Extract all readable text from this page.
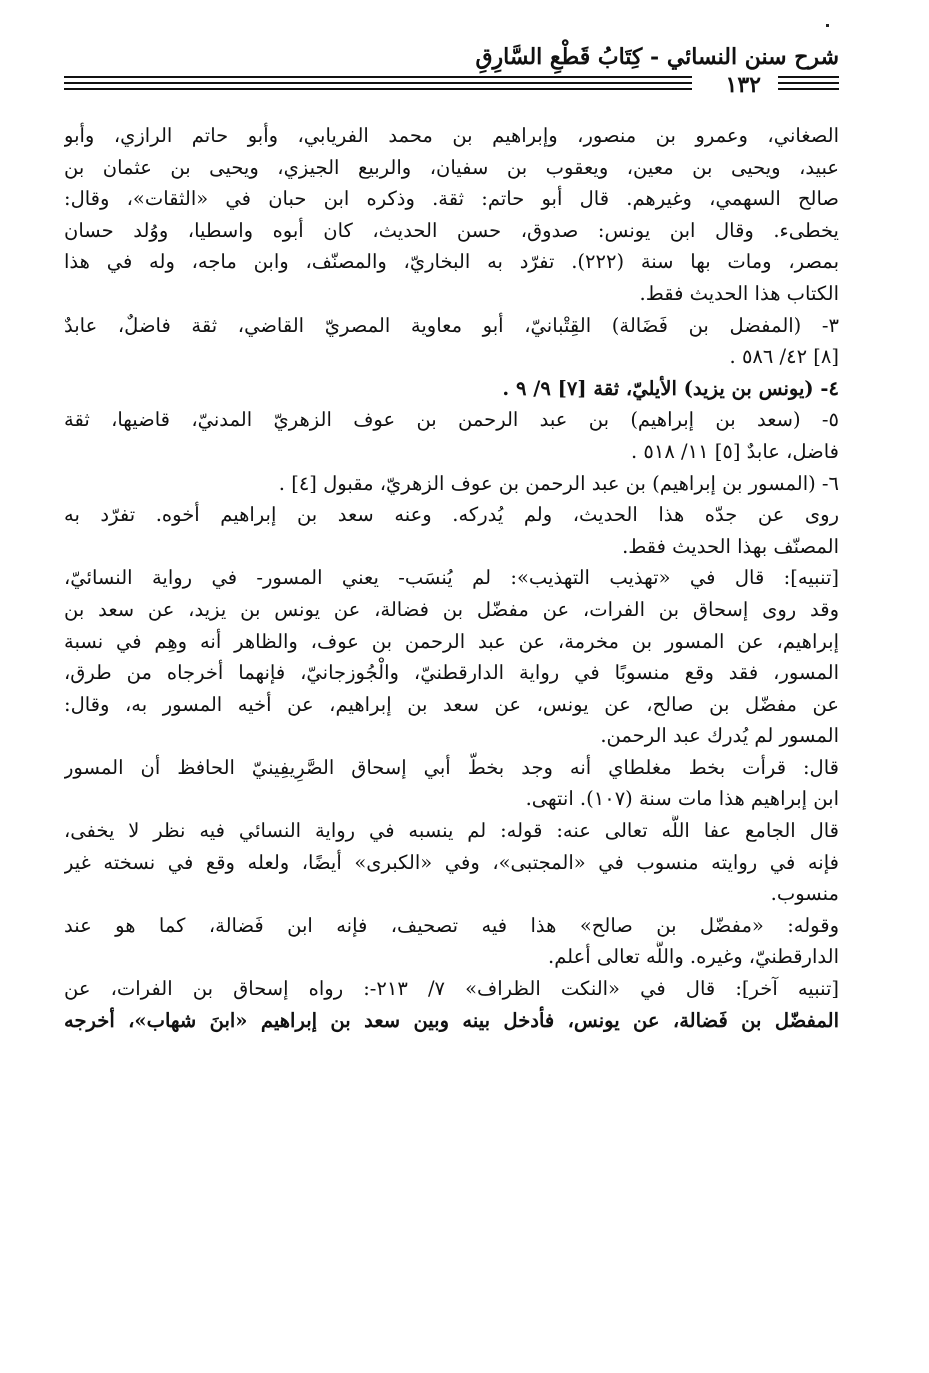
شرح سنن النسائي - كِتَابُ قَطْعِ السَّارِقِ
١٣٢
الصغاني، وعمرو بن منصور، وإبراهيم بن محمد الفريابي، وأبو حاتم الرازي، وأبو
عبيد، ويحيى بن معين، ويعقوب بن سفيان، والربيع الجيزي، ويحيى بن عثمان بن
صالح السهمي، وغيرهم. قال أبو حاتم: ثقة. وذكره ابن حبان في «الثقات»، وقال:
يخطىء. وقال ابن يونس: صدوق، حسن الحديث، كان أبوه واسطيا، ووُلد حسان
بمصر، ومات بها سنة (٢٢٢). تفرّد به البخاريّ، والمصنّف، وابن ماجه، وله في هذا
الكتاب هذا الحديث فقط.
٣- (المفضل بن فَضَالة) القِتْبانيّ، أبو معاوية المصريّ القاضي، ثقة فاضلٌ، عابدٌ
[٨] ٤٢/ ٥٨٦ .
٤- (يونس بن يزيد) الأيليّ، ثقة [٧] ٩/ ٩ .
٥- (سعد بن إبراهيم) بن عبد الرحمن بن عوف الزهريّ المدنيّ، قاضيها، ثقة
فاضل، عابدٌ [٥] ١١/ ٥١٨ .
٦- (المسور بن إبراهيم) بن عبد الرحمن بن عوف الزهريّ، مقبول [٤] .
روى عن جدّه هذا الحديث، ولم يُدركه. وعنه سعد بن إبراهيم أخوه. تفرّد به
المصنّف بهذا الحديث فقط.
[تنبيه]: قال في «تهذيب التهذيب»: لم يُنسَب- يعني المسور- في رواية النسائيّ،
وقد روى إسحاق بن الفرات، عن مفضّل بن فضالة، عن يونس بن يزيد، عن سعد بن
إبراهيم، عن المسور بن مخرمة، عن عبد الرحمن بن عوف، والظاهر أنه وهِم في نسبة
المسور، فقد وقع منسوبًا في رواية الدارقطنيّ، والْجُوزجانيّ، فإنهما أخرجاه من طرق،
عن مفضّل بن صالح، عن يونس، عن سعد بن إبراهيم، عن أخيه المسور به، وقال:
المسور لم يُدرك عبد الرحمن.
قال: قرأت بخط مغلطاي أنه وجد بخطّ أبي إسحاق الصَّرِيفِينيّ الحافظ أن المسور
ابن إبراهيم هذا مات سنة (١٠٧). انتهى.
قال الجامع عفا اللَّه تعالى عنه: قوله: لم ينسبه في رواية النسائي فيه نظر لا يخفى،
فإنه في روايته منسوب في «المجتبى»، وفي «الكبرى» أيضًا، ولعله وقع في نسخته غير
منسوب.
وقوله: «مفضّل بن صالح» هذا فيه تصحيف، فإنه ابن فَضالة، كما هو عند
الدارقطنيّ، وغيره. واللَّه تعالى أعلم.
[تنبيه آخر]: قال في «النكت الظراف» ٧/ ٢١٣-: رواه إسحاق بن الفرات، عن
المفضّل بن فَضالة، عن يونس، فأدخل بينه وبين سعد بن إبراهيم «ابنَ شهاب»، أخرجه
